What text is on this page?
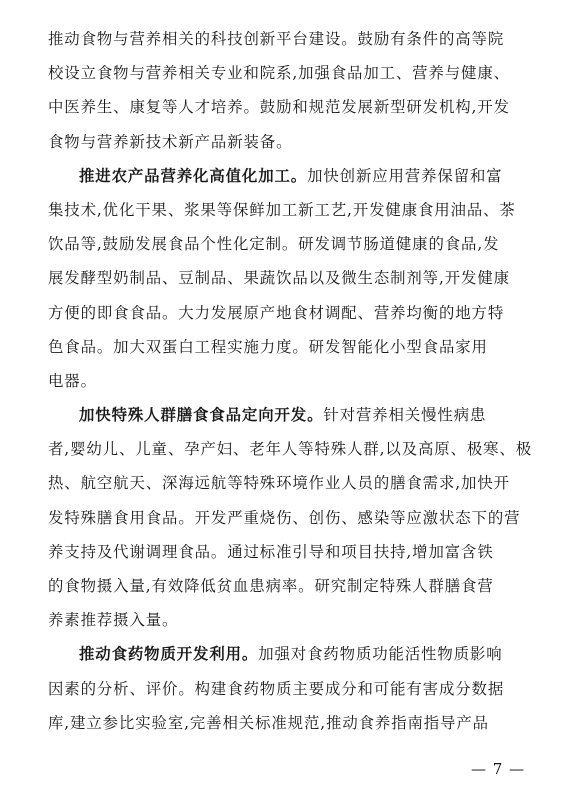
推动食物与营养相关的科技创新平台建设。鼓励有条件的高等院
校设立食物与营养相关专业和院系,加强食品加工、营养与健康、
中医养生、康复等人才培养。鼓励和规范发展新型研发机构,开发
食物与营养新技术新产品新装备。
推进农产品营养化高值化加工。加快创新应用营养保留和富
集技术,优化干果、浆果等保鲜加工新工艺,开发健康食用油品、茶
饮品等,鼓励发展食品个性化定制。研发调节肠道健康的食品,发
展发酵型奶制品、豆制品、果蔬饮品以及微生态制剂等,开发健康
方便的即食食品。大力发展原产地食材调配、营养均衡的地方特
色食品。加大双蛋白工程实施力度。研发智能化小型食品家用
电器。
加快特殊人群膳食食品定向开发。针对营养相关慢性病患
者,婴幼儿、儿童、孕产妇、老年人等特殊人群,以及高原、极寒、极
热、航空航天、深海远航等特殊环境作业人员的膳食需求,加快开
发特殊膳食用食品。开发严重烧伤、创伤、感染等应激状态下的营
养支持及代谢调理食品。通过标准引导和项目扶持,增加富含铁
的食物摄入量,有效降低贫血患病率。研究制定特殊人群膳食营
养素推荐摄入量。
推动食药物质开发利用。加强对食药物质功能活性物质影响
因素的分析、评价。构建食药物质主要成分和可能有害成分数据
库,建立参比实验室,完善相关标准规范,推动食养指南指导产品
— 7 —
